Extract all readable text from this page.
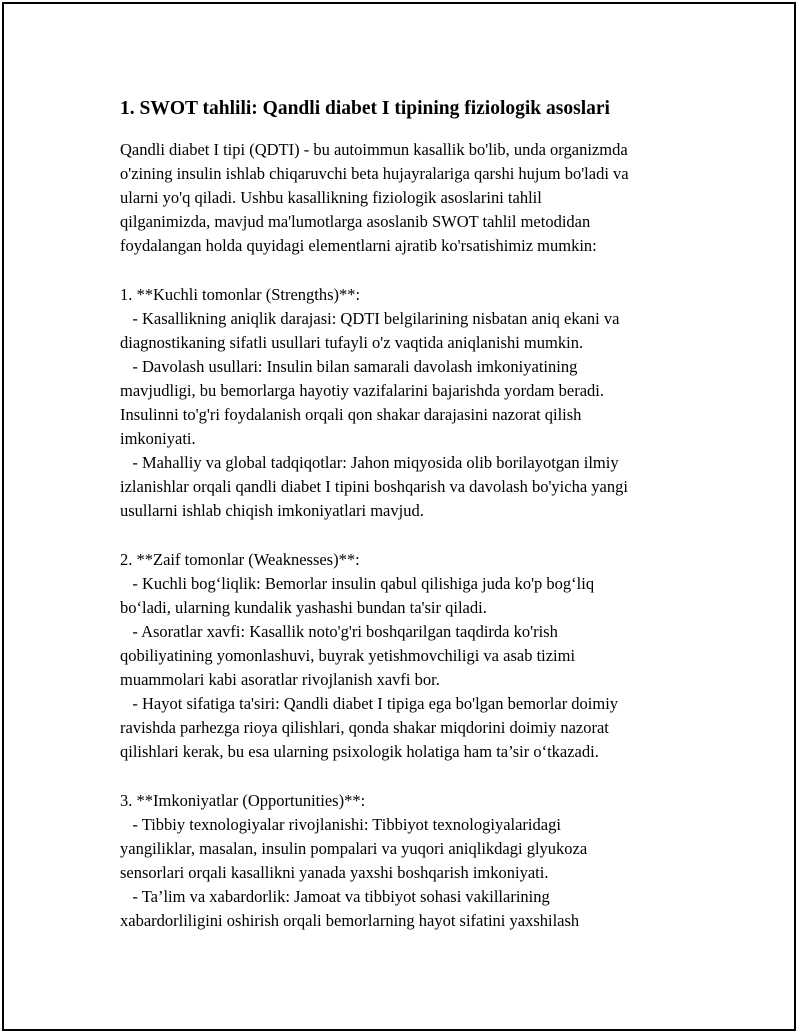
1. SWOT tahlili: Qandli diabet I tipining fiziologik asoslari
Qandli diabet I tipi (QDTI) - bu autoimmun kasallik bo'lib, unda organizmda
o'zining insulin ishlab chiqaruvchi beta hujayralariga qarshi hujum bo'ladi va
ularni yo'q qiladi. Ushbu kasallikning fiziologik asoslarini tahlil
qilganimizda, mavjud ma'lumotlarga asoslanib SWOT tahlil metodidan
foydalangan holda quyidagi elementlarni ajratib ko'rsatishimiz mumkin:
1. **Kuchli tomonlar (Strengths)**:
- Kasallikning aniqlik darajasi: QDTI belgilarining nisbatan aniq ekani va
diagnostikaning sifatli usullari tufayli o'z vaqtida aniqlanishi mumkin.
- Davolash usullari: Insulin bilan samarali davolash imkoniyatining
mavjudligi, bu bemorlarga hayotiy vazifalarini bajarishda yordam beradi.
Insulinni to'g'ri foydalanish orqali qon shakar darajasini nazorat qilish
imkoniyati.
- Mahalliy va global tadqiqotlar: Jahon miqyosida olib borilayotgan ilmiy
izlanishlar orqali qandli diabet I tipini boshqarish va davolash bo'yicha yangi
usullarni ishlab chiqish imkoniyatlari mavjud.
2. **Zaif tomonlar (Weaknesses)**:
- Kuchli bog‘liqlik: Bemorlar insulin qabul qilishiga juda ko'p bog‘liq
bo‘ladi, ularning kundalik yashashi bundan ta'sir qiladi.
- Asoratlar xavfi: Kasallik noto'g'ri boshqarilgan taqdirda ko'rish
qobiliyatining yomonlashuvi, buyrak yetishmovchiligi va asab tizimi
muammolari kabi asoratlar rivojlanish xavfi bor.
- Hayot sifatiga ta'siri: Qandli diabet I tipiga ega bo'lgan bemorlar doimiy
ravishda parhezga rioya qilishlari, qonda shakar miqdorini doimiy nazorat
qilishlari kerak, bu esa ularning psixologik holatiga ham ta’sir o‘tkazadi.
3. **Imkoniyatlar (Opportunities)**:
- Tibbiy texnologiyalar rivojlanishi: Tibbiyot texnologiyalaridagi
yangiliklar, masalan, insulin pompalari va yuqori aniqlikdagi glyukoza
sensorlari orqali kasallikni yanada yaxshi boshqarish imkoniyati.
- Ta’lim va xabardorlik: Jamoat va tibbiyot sohasi vakillarining
xabardorliligini oshirish orqali bemorlarning hayot sifatini yaxshilash
